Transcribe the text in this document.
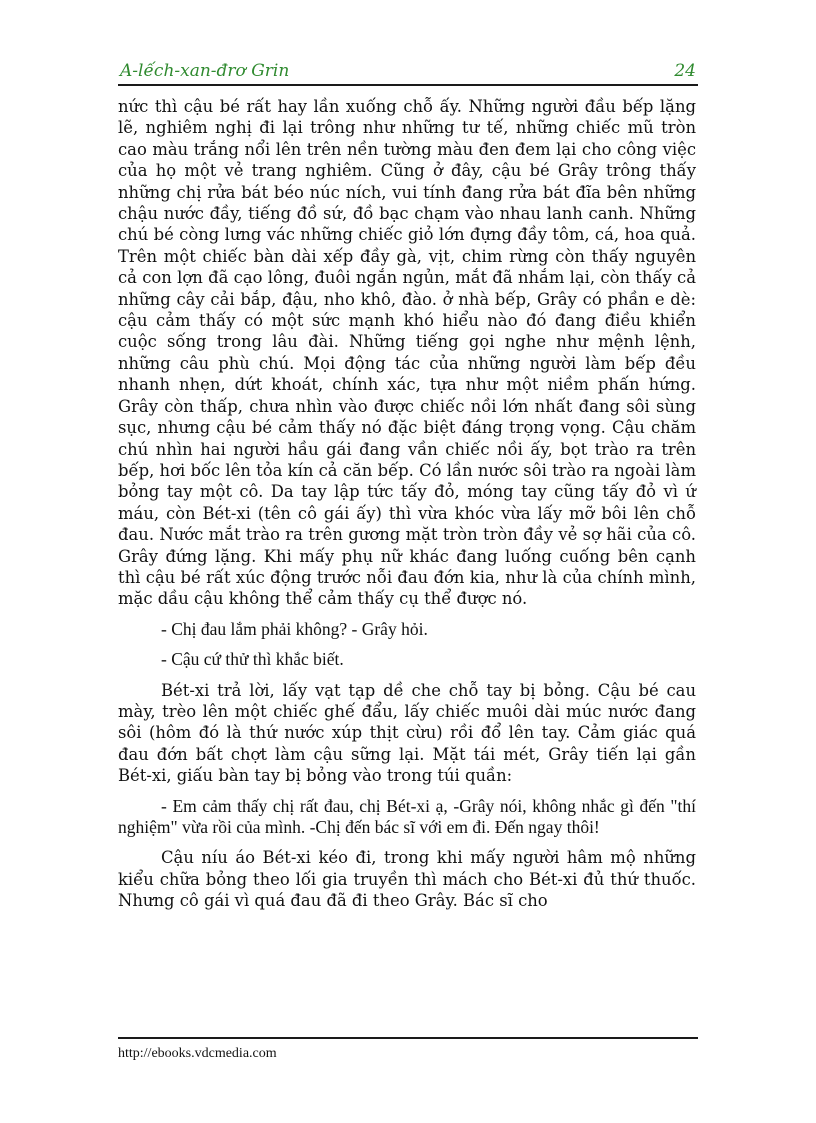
A-lếch-xan-đrơ Grin	24

nức thì cậu bé rất hay lần xuống chỗ ấy. Những người đầu bếp lặng lẽ, nghiêm nghị đi lại trông như những tư tế, những chiếc mũ tròn cao màu trắng nổi lên trên nền tường màu đen đem lại cho công việc của họ một vẻ trang nghiêm. Cũng ở đây, cậu bé Grây trông thấy những chị rửa bát béo núc ních, vui tính đang rửa bát đĩa bên những chậu nước đầy, tiếng đồ sứ, đồ bạc chạm vào nhau lanh canh. Những chú bé còng lưng vác những chiếc giỏ lớn đựng đầy tôm, cá, hoa quả. Trên một chiếc bàn dài xếp đầy gà, vịt, chim rừng còn thấy nguyên cả con lợn đã cạo lông, đuôi ngắn ngủn, mắt đã nhắm lại, còn thấy cả những cây cải bắp, đậu, nho khô, đào. ở nhà bếp, Grây có phần e dè: cậu cảm thấy có một sức mạnh khó hiểu nào đó đang điều khiển cuộc sống trong lâu đài. Những tiếng gọi nghe như mệnh lệnh, những câu phù chú. Mọi động tác của những người làm bếp đều nhanh nhẹn, dứt khoát, chính xác, tựa như một niềm phấn hứng. Grây còn thấp, chưa nhìn vào được chiếc nồi lớn nhất đang sôi sùng sục, nhưng cậu bé cảm thấy nó đặc biệt đáng trọng vọng. Cậu chăm chú nhìn hai người hầu gái đang vần chiếc nồi ấy, bọt trào ra trên bếp, hơi bốc lên tỏa kín cả căn bếp. Có lần nước sôi trào ra ngoài làm bỏng tay một cô. Da tay lập tức tấy đỏ, móng tay cũng tấy đỏ vì ứ máu, còn Bét-xi (tên cô gái ấy) thì vừa khóc vừa lấy mỡ bôi lên chỗ đau. Nước mắt trào ra trên gương mặt tròn tròn đầy vẻ sợ hãi của cô. Grây đứng lặng. Khi mấy phụ nữ khác đang luống cuống bên cạnh thì cậu bé rất xúc động trước nỗi đau đớn kia, như là của chính mình, mặc dầu cậu không thể cảm thấy cụ thể được nó.

- Chị đau lắm phải không? - Grây hỏi.

- Cậu cứ thử thì khắc biết.

Bét-xi trả lời, lấy vạt tạp dề che chỗ tay bị bỏng. Cậu bé cau mày, trèo lên một chiếc ghế đẩu, lấy chiếc muôi dài múc nước đang sôi (hôm đó là thứ nước xúp thịt cừu) rồi đổ lên tay. Cảm giác quá đau đớn bất chợt làm cậu sững lại. Mặt tái mét, Grây tiến lại gần Bét-xi, giấu bàn tay bị bỏng vào trong túi quần:

- Em cảm thấy chị rất đau, chị Bét-xi ạ, -Grây nói, không nhắc gì đến "thí nghiệm" vừa rồi của mình. -Chị đến bác sĩ với em đi. Đến ngay thôi!

Cậu níu áo Bét-xi kéo đi, trong khi mấy người hâm mộ những kiểu chữa bỏng theo lối gia truyền thì mách cho Bét-xi đủ thứ thuốc. Nhưng cô gái vì quá đau đã đi theo Grây. Bác sĩ cho

http://ebooks.vdcmedia.com
